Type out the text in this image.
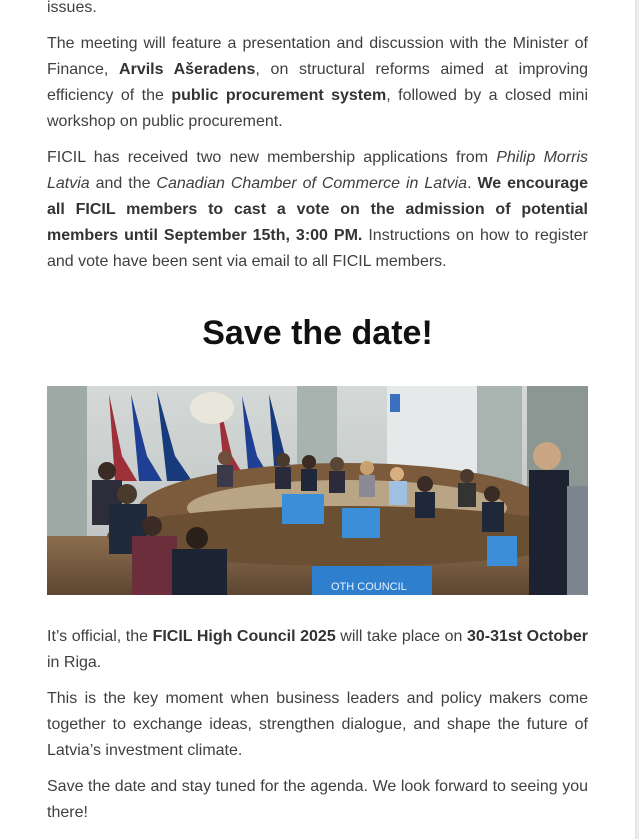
issues.

The meeting will feature a presentation and discussion with the Minister of Finance, Arvils Ašeradens, on structural reforms aimed at improving efficiency of the public procurement system, followed by a closed mini workshop on public procurement.

FICIL has received two new membership applications from Philip Morris Latvia and the Canadian Chamber of Commerce in Latvia. We encourage all FICIL members to cast a vote on the admission of potential members until September 15th, 3:00 PM. Instructions on how to register and vote have been sent via email to all FICIL members.

Save the date!
OTH COUNCIL

It’s official, the FICIL High Council 2025 will take place on 30-31st October in Riga.

This is the key moment when business leaders and policy makers come together to exchange ideas, strengthen dialogue, and shape the future of Latvia’s investment climate.

Save the date and stay tuned for the agenda. We look forward to seeing you there!
